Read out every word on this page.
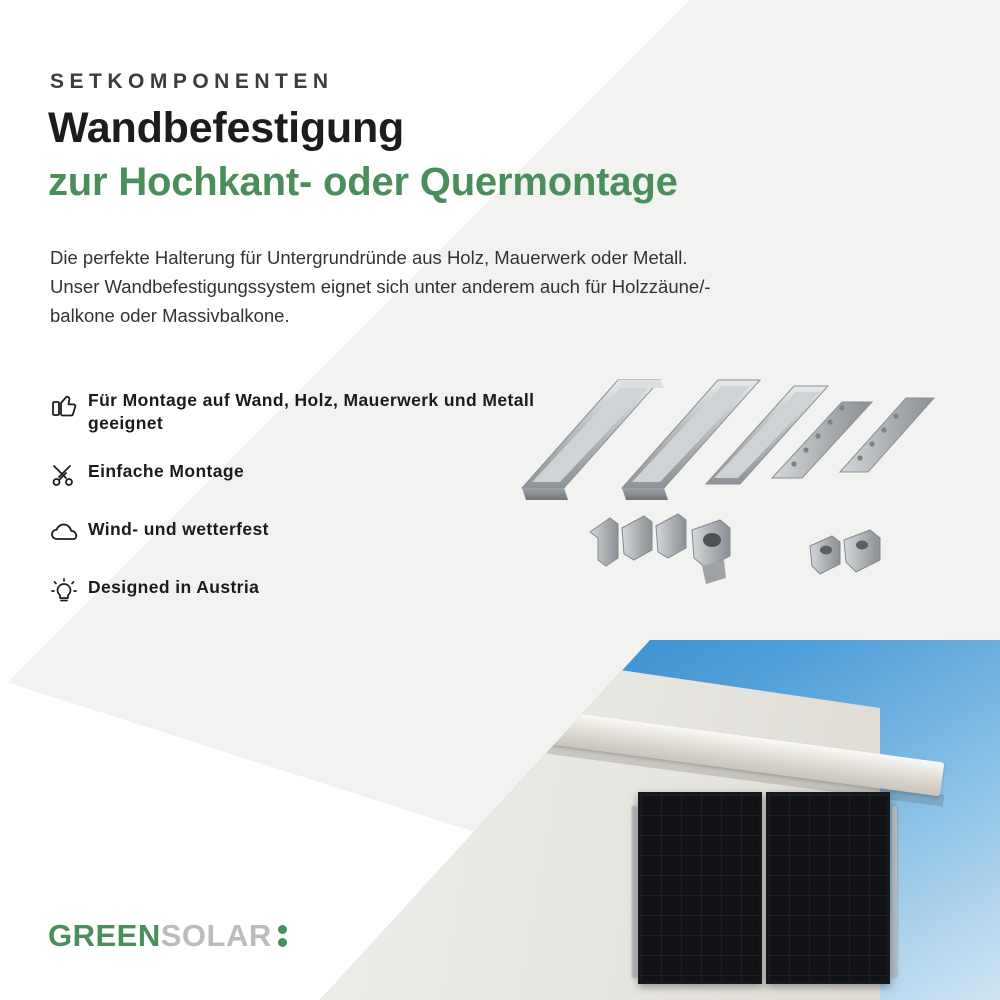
SETKOMPONENTEN
Wandbefestigung
zur Hochkant- oder Quermontage
Die perfekte Halterung für Untergrundründe aus Holz, Mauerwerk oder Metall. Unser Wandbefestigungssystem eignet sich unter anderem auch für Holzzäune/-balkone oder Massivbalkone.
Für Montage auf Wand, Holz, Mauerwerk und Metall geeignet
Einfache Montage
Wind- und wetterfest
Designed in Austria
GREEN SOLAR
